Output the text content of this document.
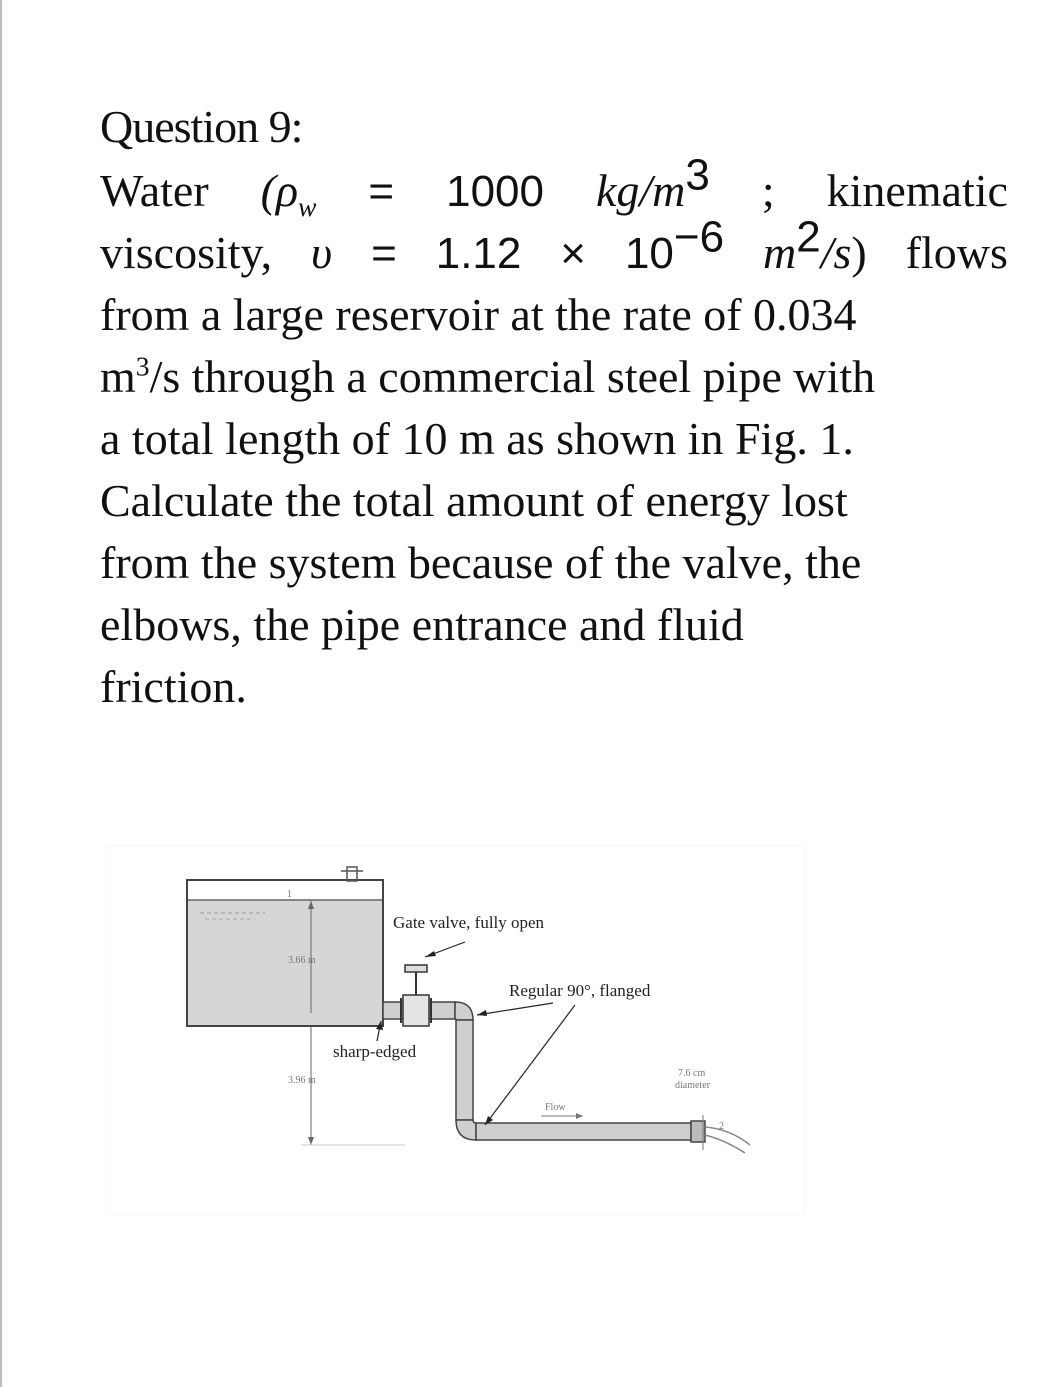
Question 9:
Water ($\rho_w = 1000$ $kg/m^3$ ; kinematic
viscosity, $\upsilon = 1.12 \times 10^{-6}$ $m^2/s$) flows
from a large reservoir at the rate of 0.034
$m^3/s$ through a commercial steel pipe with
a total length of 10 m as shown in Fig. 1.
Calculate the total amount of energy lost
from the system because of the valve, the
elbows, the pipe entrance and fluid
friction.
1
3.66 m
3.96 m
2
Flow
Gate valve, fully open
Regular 90°, flanged
sharp-edged
7.6 cm
diameter
